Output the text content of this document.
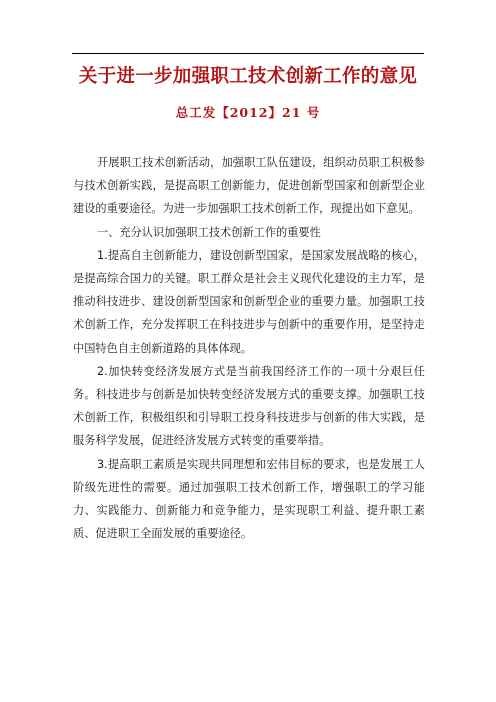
关于进一步加强职工技术创新工作的意见
总工发【2012】21 号

开展职工技术创新活动，加强职工队伍建设，组织动员职工积极参与技术创新实践，是提高职工创新能力，促进创新型国家和创新型企业建设的重要途径。为进一步加强职工技术创新工作，现提出如下意见。

一、充分认识加强职工技术创新工作的重要性

1.提高自主创新能力，建设创新型国家，是国家发展战略的核心，是提高综合国力的关键。职工群众是社会主义现代化建设的主力军，是推动科技进步、建设创新型国家和创新型企业的重要力量。加强职工技术创新工作，充分发挥职工在科技进步与创新中的重要作用，是坚持走中国特色自主创新道路的具体体现。

2.加快转变经济发展方式是当前我国经济工作的一项十分艰巨任务。科技进步与创新是加快转变经济发展方式的重要支撑。加强职工技术创新工作，积极组织和引导职工投身科技进步与创新的伟大实践，是服务科学发展，促进经济发展方式转变的重要举措。

3.提高职工素质是实现共同理想和宏伟目标的要求，也是发展工人阶级先进性的需要。通过加强职工技术创新工作，增强职工的学习能力、实践能力、创新能力和竞争能力，是实现职工利益、提升职工素质、促进职工全面发展的重要途径。
